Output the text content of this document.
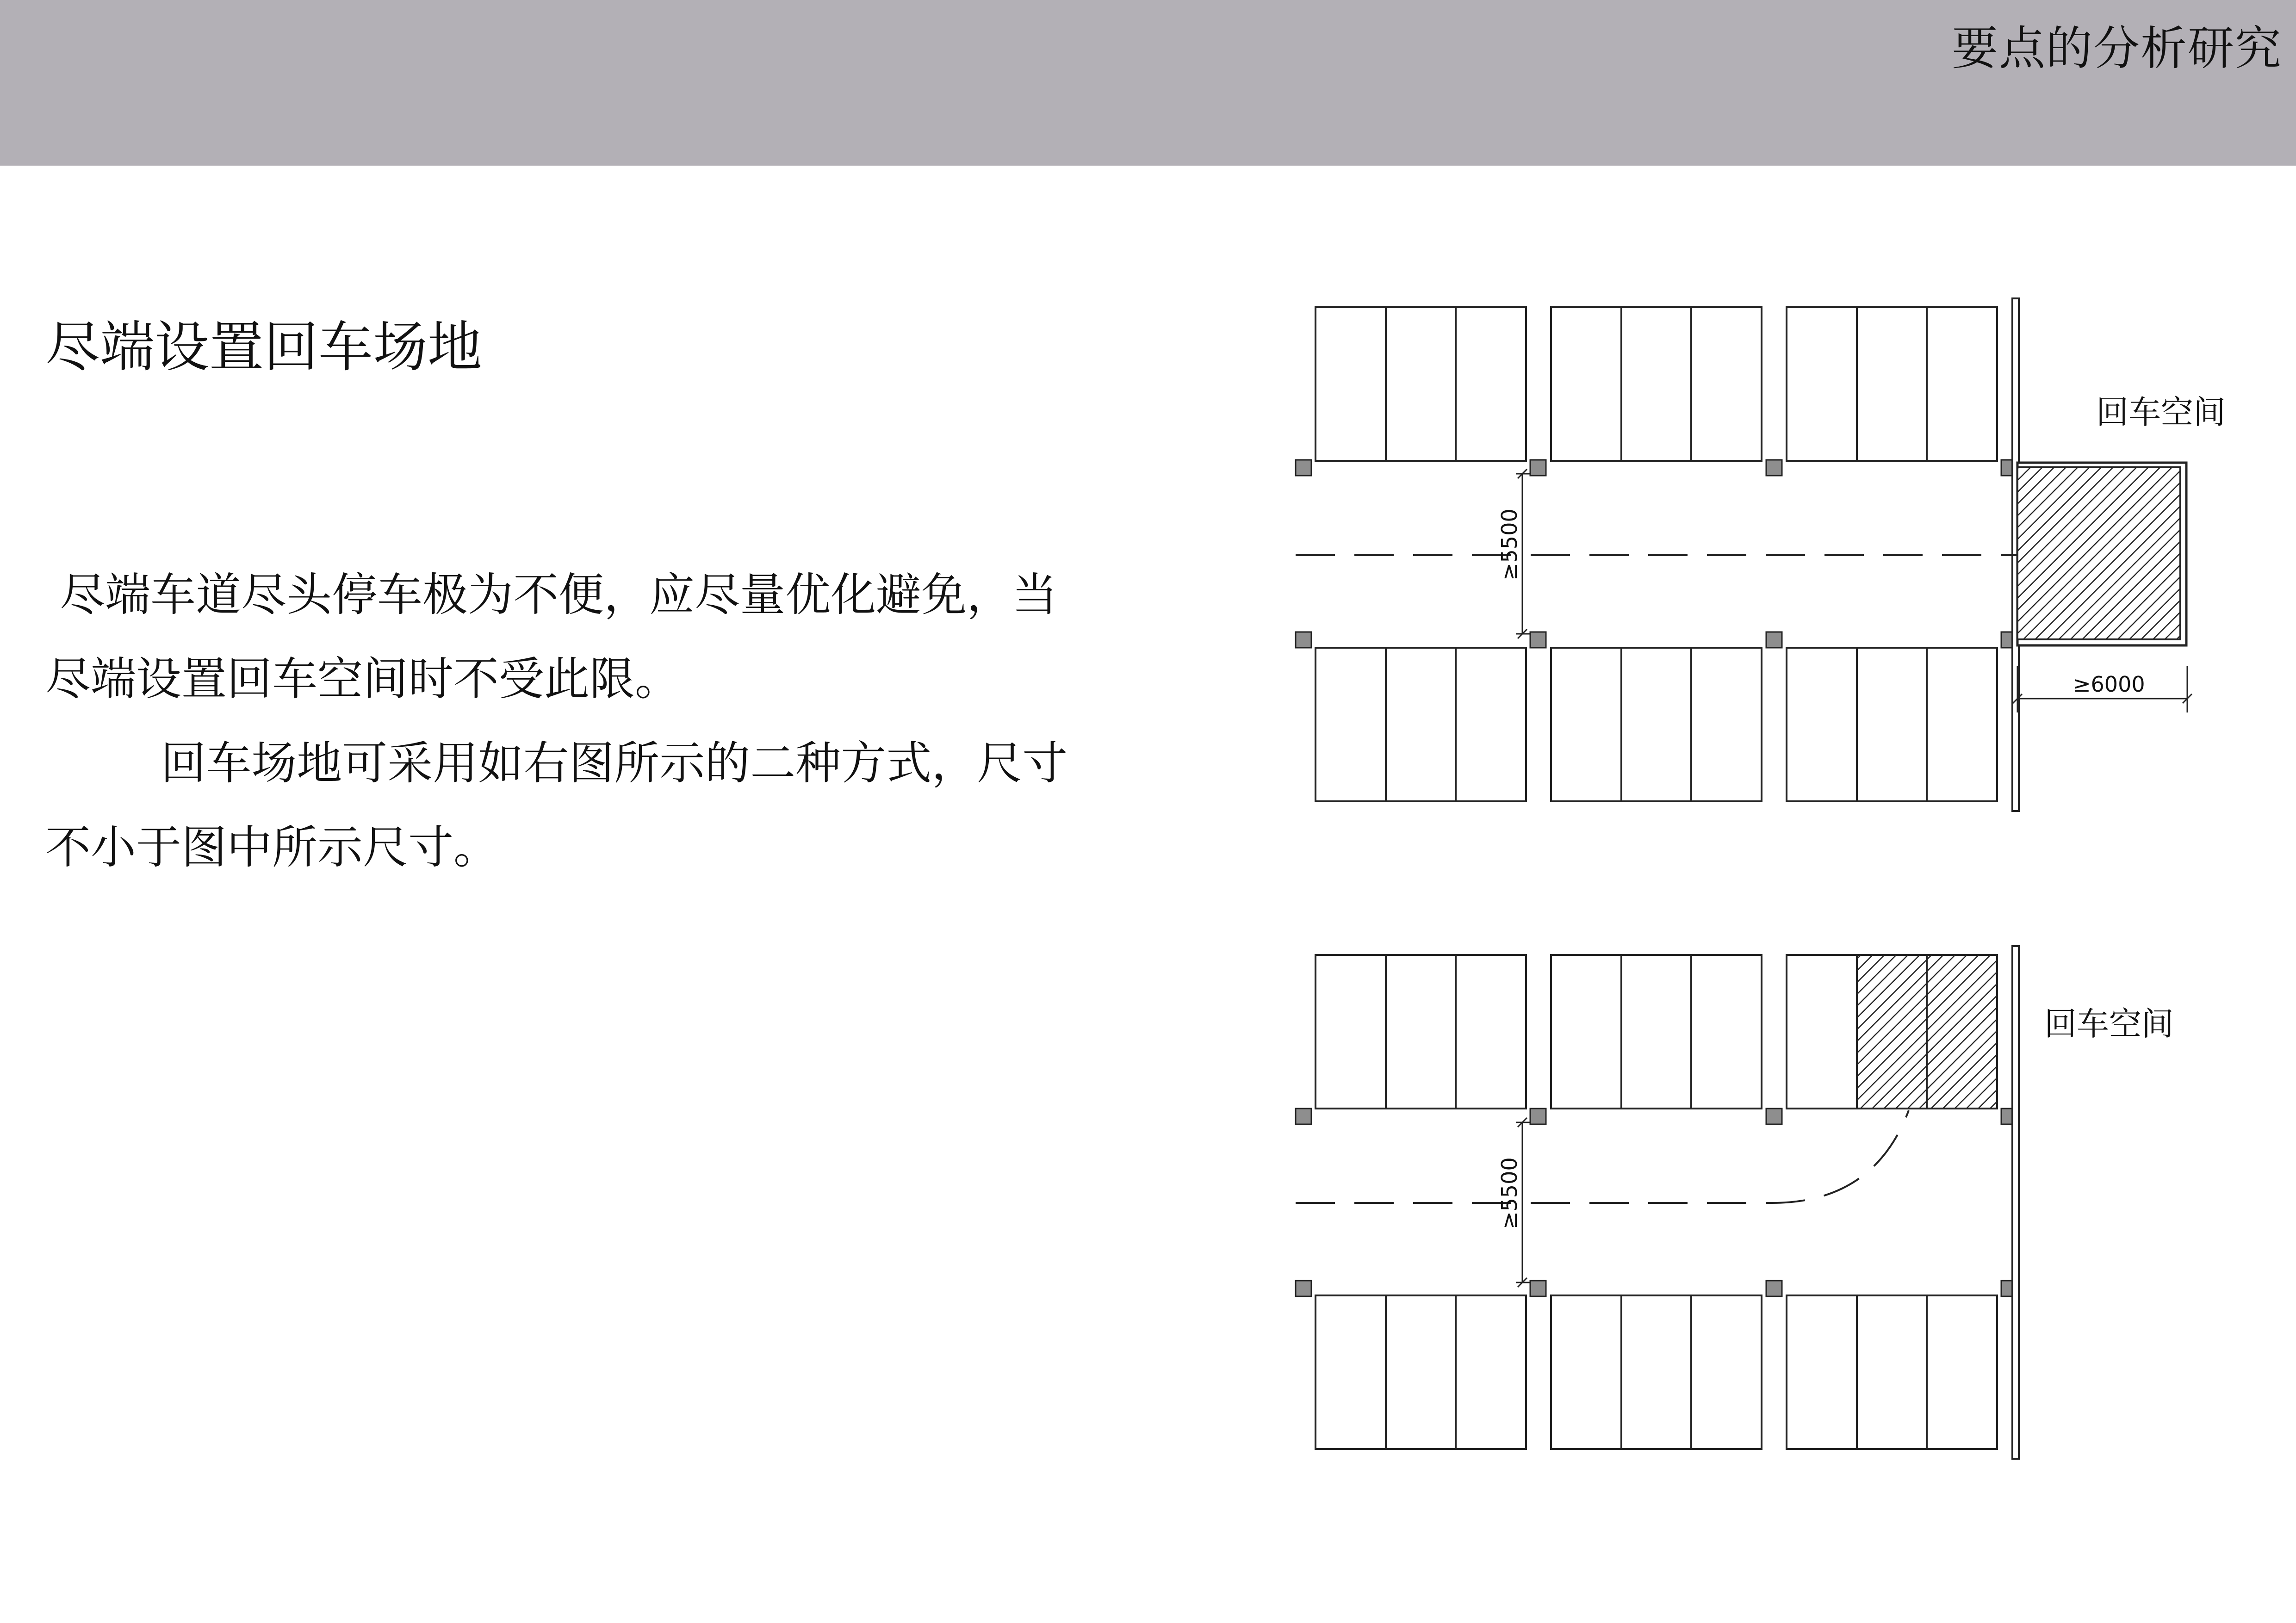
要点的分析研究
尽端设置回车场地

尽端车道尽头停车极为不便，应尽量优化避免，当

尽端设置回车空间时不受此限。

回车场地可采用如右图所示的二种方式，尺寸

不小于图中所示尺寸。

≥5500
≥6000
回车空间
≥5500
回车空间
